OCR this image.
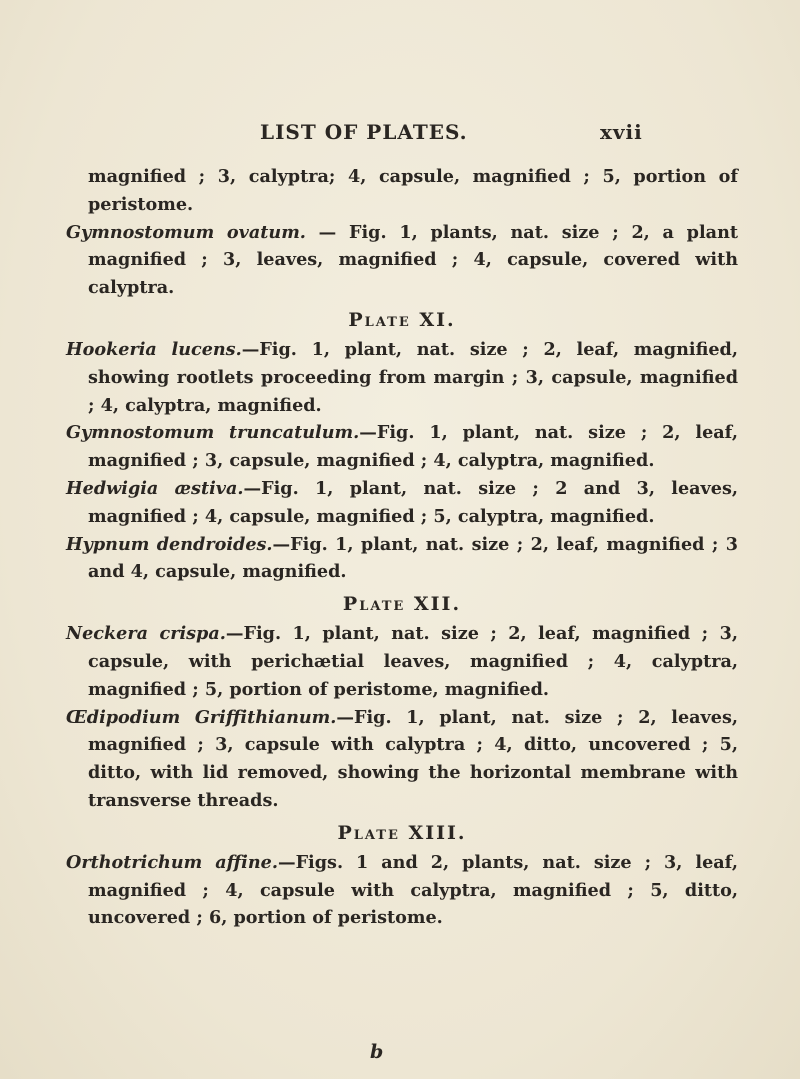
LIST OF PLATES.	xvii

magnified ; 3, calyptra; 4, capsule, magnified ; 5, portion of peristome.

Gymnostomum ovatum. — Fig. 1, plants, nat. size ; 2, a plant magnified ; 3, leaves, magnified ; 4, capsule, covered with calyptra.

Plate XI.

Hookeria lucens.—Fig. 1, plant, nat. size ; 2, leaf, magnified, showing rootlets proceeding from margin ; 3, capsule, magnified ; 4, calyptra, magnified.

Gymnostomum truncatulum.—Fig. 1, plant, nat. size ; 2, leaf, magnified ; 3, capsule, magnified ; 4, calyptra, magnified.

Hedwigia æstiva.—Fig. 1, plant, nat. size ; 2 and 3, leaves, magnified ; 4, capsule, magnified ; 5, calyptra, magnified.

Hypnum dendroides.—Fig. 1, plant, nat. size ; 2, leaf, magnified ; 3 and 4, capsule, magnified.

Plate XII.

Neckera crispa.—Fig. 1, plant, nat. size ; 2, leaf, magnified ; 3, capsule, with perichætial leaves, magnified ; 4, calyptra, magnified ; 5, portion of peristome, magnified.

Œdipodium Griffithianum.—Fig. 1, plant, nat. size ; 2, leaves, magnified ; 3, capsule with calyptra ; 4, ditto, uncovered ; 5, ditto, with lid removed, showing the horizontal membrane with transverse threads.

Plate XIII.

Orthotrichum affine.—Figs. 1 and 2, plants, nat. size ; 3, leaf, magnified ; 4, capsule with calyptra, magnified ; 5, ditto, uncovered ; 6, portion of peristome.

b
